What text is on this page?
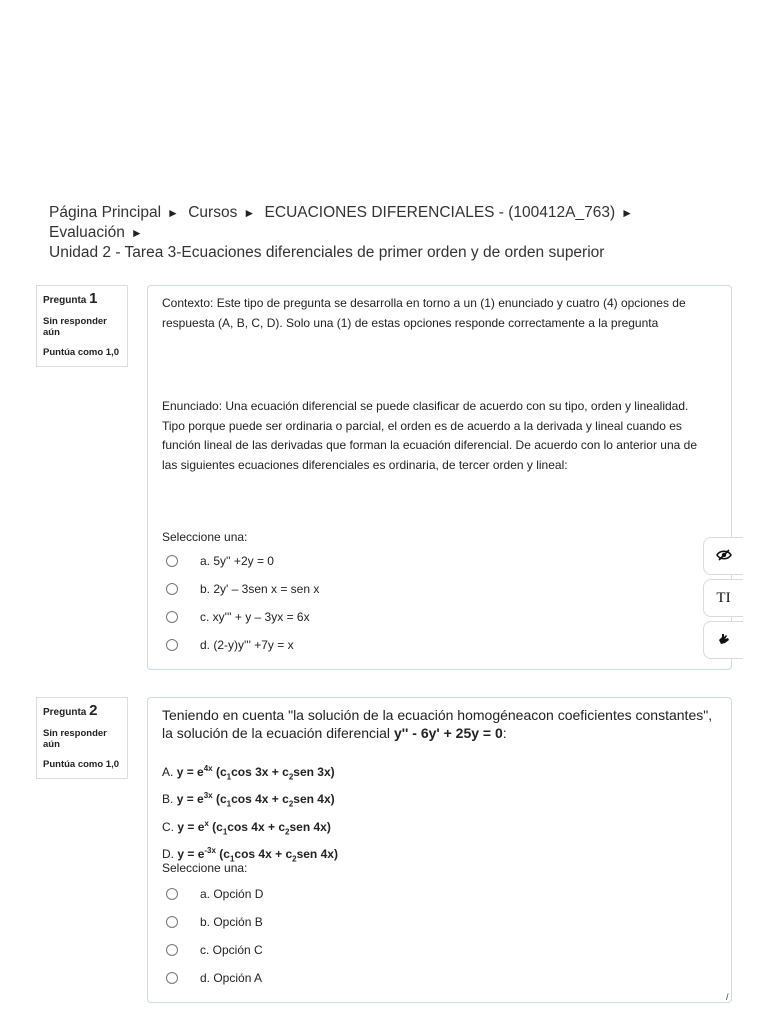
Página Principal ► Cursos ► ECUACIONES DIFERENCIALES - (100412A_763) ► Evaluación ►
Unidad 2 - Tarea 3-Ecuaciones diferenciales de primer orden y de orden superior
Pregunta 1
Sin responder aún
Puntúa como 1,0

Contexto: Este tipo de pregunta se desarrolla en torno a un (1) enunciado y cuatro (4) opciones de respuesta (A, B, C, D). Solo una (1) de estas opciones responde correctamente a la pregunta

Enunciado: Una ecuación diferencial se puede clasificar de acuerdo con su tipo, orden y linealidad. Tipo porque puede ser ordinaria o parcial, el orden es de acuerdo a la derivada y lineal cuando es función lineal de las derivadas que forman la ecuación diferencial. De acuerdo con lo anterior una de las siguientes ecuaciones diferenciales es ordinaria, de tercer orden y lineal:

Seleccione una:
a. 5y'' +2y = 0
b. 2y' – 3sen x = sen x
c. xy''' + y – 3yx = 6x
d. (2-y)y''' +7y = x
Pregunta 2
Sin responder aún
Puntúa como 1,0
Teniendo en cuenta "la solución de la ecuación homogéneacon coeficientes constantes", la solución de la ecuación diferencial y'' - 6y' + 25y = 0:
A. $y = e^{4x}$ ($c_1\cos$ $3x + c_2sen$ 3x)
B. $y = e^{3x}$ ($c_1\cos$ $4x + c_2sen$ 4x)
C. $y = e^x$ ($c_1\cos$ $4x + c_2sen$ 4x)
D. $y = e^{-3x}$ ($c_1\cos$ $4x + c_2sen$ 4x)
Seleccione una:
a. Opción D
b. Opción B
c. Opción C
d. Opción A
TI
/
